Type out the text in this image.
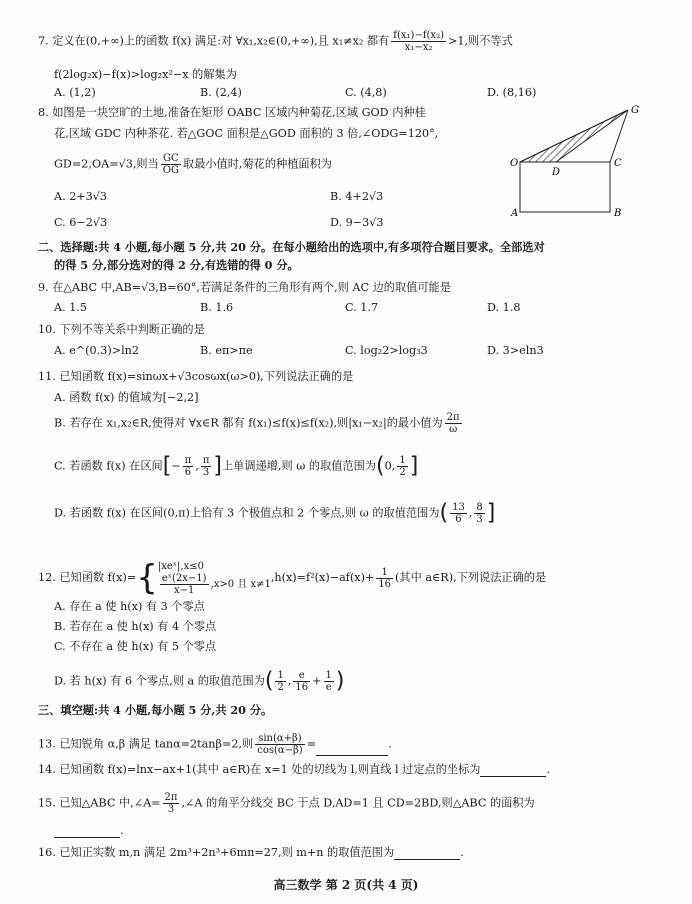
7. 定义在(0,+∞)上的函数 f(x) 满足:对 ∀x₁,x₂∈(0,+∞),且 x₁≠x₂ 都有 $\frac{\text{f(x₁)−f(x₂)}}{\text{x₁−x₂}} >1$,则不等式
f(2log₂x)−f(x)>log₂x²−x 的解集为
A. (1,2)	B. (2,4)	C. (4,8)	D. (8,16)
8. 如图是一块空旷的土地,准备在矩形 OABC 区域内种菊花,区域 GOD 内种桂
花,区域 GDC 内种茶花. 若△GOC 面积是△GOD 面积的 3 倍,∠ODG=120°,
GD=2,OA=√3,则当 $\frac{GC}{OG}$ 取最小值时,菊花的种植面积为
A. 2+3√3	B. 4+2√3
C. 6−2√3	D. 9−3√3
G
O
D
C
A	B
二、选择题:共 4 小题,每小题 5 分,共 20 分。在每小题给出的选项中,有多项符合题目要求。全部选对
的得 5 分,部分选对的得 2 分,有选错的得 0 分。
9. 在△ABC 中,AB=√3,B=60°,若满足条件的三角形有两个,则 AC 边的取值可能是
A. 1.5	B. 1.6	C. 1.7	D. 1.8
10. 下列不等关系中判断正确的是
A. e^(0.3)>ln2	B. eπ>πe	C. log₂2>log₃3	D. 3>eln3
11. 已知函数 f(x)=sinωx+√3cosωx(ω>0),下列说法正确的是
A. 函数 f(x) 的值域为[−2,2]
B. 若存在 x₁,x₂∈R,使得对 ∀x∈R 都有 f(x₁)≤f(x)≤f(x₂),则|x₁−x₂|的最小值为 $\frac{2\pi}{\omega}$
C. 若函数 f(x) 在区间[− $\frac{\pi}{6}$ , $\frac{\pi}{3}$ ]上单调递增,则 ω 的取值范围为(0, $\frac{1}{2}$ ]
D. 若函数 f(x) 在区间(0,π)上恰有 3 个极值点和 2 个零点,则 ω 的取值范围为( $\frac{13}{6}$ , $\frac{8}{3}$ ]
12. 已知函数 f(x)={ |xeˣ|,x≤0
$\frac{\text{eˣ(2x−1)}}{x-1} ,x>0$ 且 x≠1
$,h(x)=f^2(x)-af(x)+ \frac{1}{16}$ (其中 a∈R),下列说法正确的是
A. 存在 a 使 h(x) 有 3 个零点
B. 若存在 a 使 h(x) 有 4 个零点
C. 不存在 a 使 h(x) 有 5 个零点
D. 若 h(x) 有 6 个零点,则 a 的取值范围为( $\frac{1}{2}$ , $\frac{e}{16} + \frac{1}{e}$ )
三、填空题:共 4 小题,每小题 5 分,共 20 分。
13. 已知锐角 α,β 满足 tanα=2tanβ=2,则 $\frac{\sin(\alpha+\beta)}{\cos(\alpha-\beta)}$ =	.
14. 已知函数 f(x)=lnx−ax+1(其中 a∈R)在 x=1 处的切线为 l,则直线 l 过定点的坐标为	.
15. 已知△ABC 中,∠A= $\frac{2\pi}{3}$ ,∠A 的角平分线交 BC 于点 D,AD=1 且 CD=2BD,则△ABC 的面积为
.
16. 已知正实数 m,n 满足 2m³+2n³+6mn=27,则 m+n 的取值范围为	.
高三数学 第 2 页(共 4 页)
